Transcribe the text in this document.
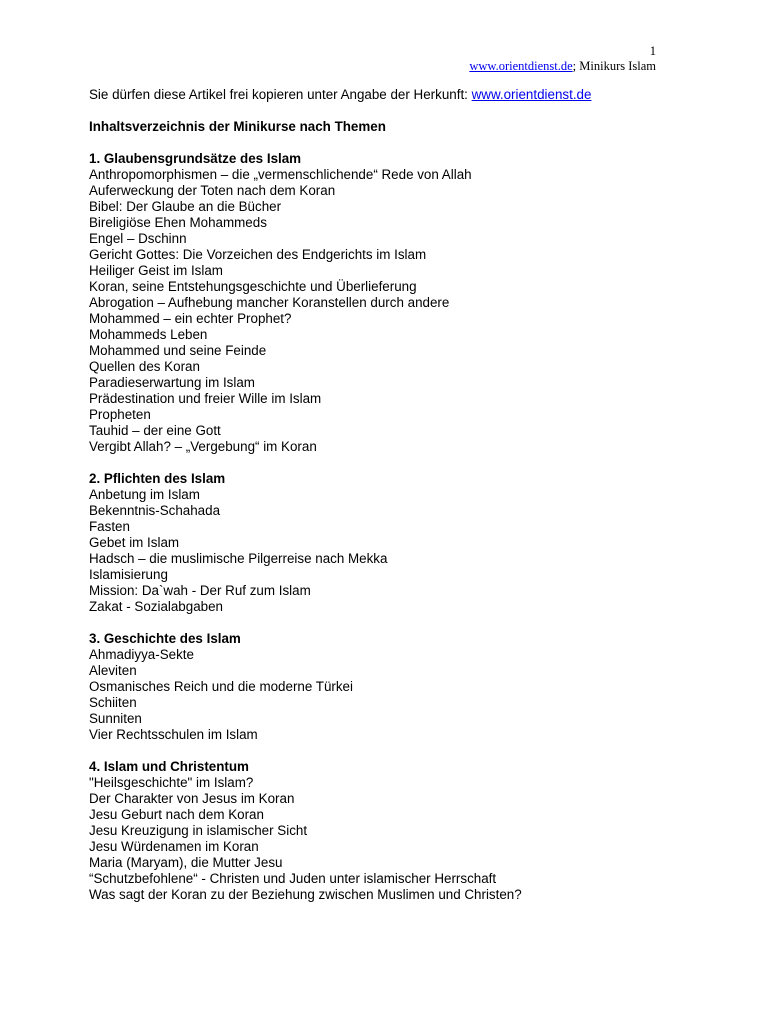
1
www.orientdienst.de; Minikurs Islam
Sie dürfen diese Artikel frei kopieren unter Angabe der Herkunft: www.orientdienst.de
Inhaltsverzeichnis der Minikurse nach Themen
1. Glaubensgrundsätze des Islam
Anthropomorphismen – die „vermenschlichende“ Rede von Allah
Auferweckung der Toten nach dem Koran
Bibel: Der Glaube an die Bücher
Bireligiöse Ehen Mohammeds
Engel – Dschinn
Gericht Gottes: Die Vorzeichen des Endgerichts im Islam
Heiliger Geist im Islam
Koran, seine Entstehungsgeschichte und Überlieferung
Abrogation – Aufhebung mancher Koranstellen durch andere
Mohammed – ein echter Prophet?
Mohammeds Leben
Mohammed und seine Feinde
Quellen des Koran
Paradieserwartung im Islam
Prädestination und freier Wille im Islam
Propheten
Tauhid – der eine Gott
Vergibt Allah? – „Vergebung“ im Koran
2. Pflichten des Islam
Anbetung im Islam
Bekenntnis-Schahada
Fasten
Gebet im Islam
Hadsch – die muslimische Pilgerreise nach Mekka
Islamisierung
Mission: Da`wah - Der Ruf zum Islam
Zakat - Sozialabgaben
3. Geschichte des Islam
Ahmadiyya-Sekte
Aleviten
Osmanisches Reich und die moderne Türkei
Schiiten
Sunniten
Vier Rechtsschulen im Islam
4. Islam und Christentum
"Heilsgeschichte" im Islam?
Der Charakter von Jesus im Koran
Jesu Geburt nach dem Koran
Jesu Kreuzigung in islamischer Sicht
Jesu Würdenamen im Koran
Maria (Maryam), die Mutter Jesu
“Schutzbefohlene“ - Christen und Juden unter islamischer Herrschaft
Was sagt der Koran zu der Beziehung zwischen Muslimen und Christen?
